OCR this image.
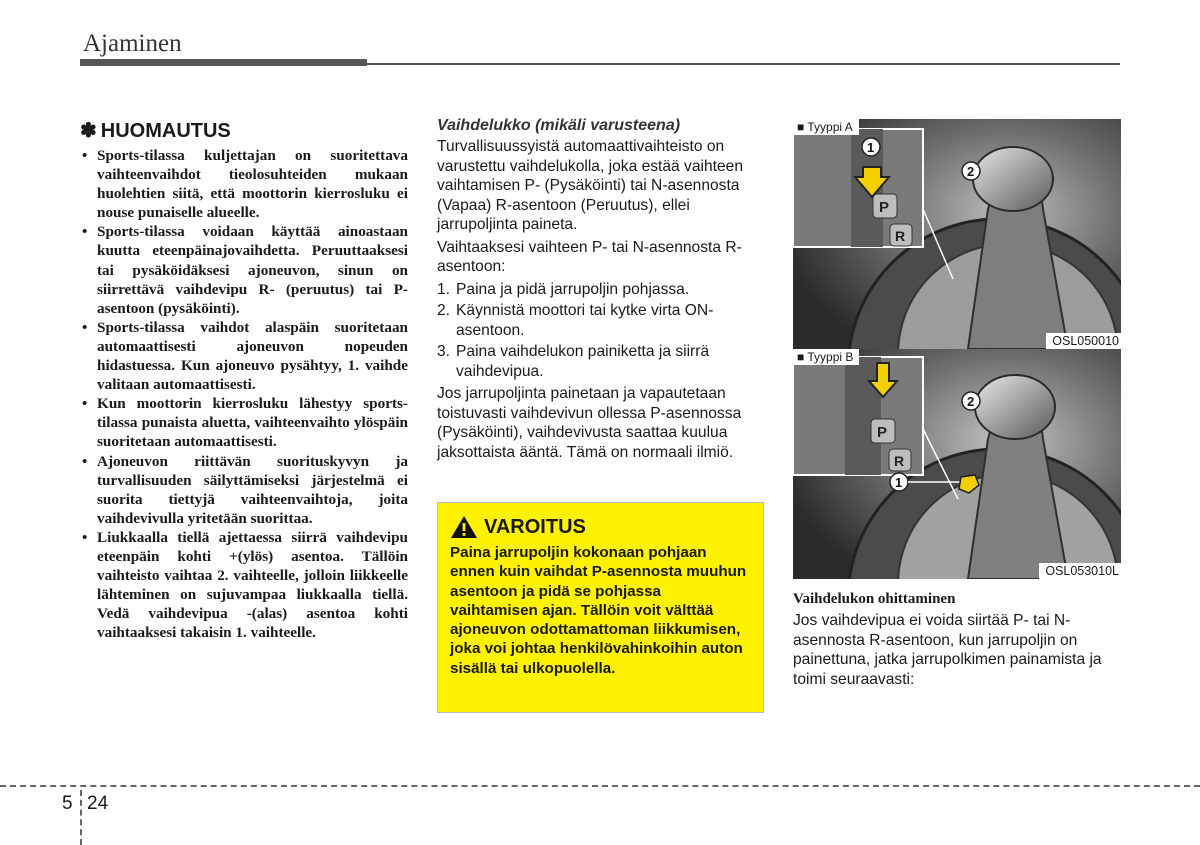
Ajaminen
✽ HUOMAUTUS
• Sports-tilassa kuljettajan on suoritettava vaihteenvaihdot tieolosuhteiden mukaan huolehtien siitä, että moottorin kierrosluku ei nouse punaiselle alueelle.
• Sports-tilassa voidaan käyttää ainoastaan kuutta eteenpäinajovaihdetta. Peruuttaaksesi tai pysäköidäksesi ajoneuvon, sinun on siirrettävä vaihdevipu R- (peruutus) tai P-asentoon (pysäköinti).
• Sports-tilassa vaihdot alaspäin suoritetaan automaattisesti ajoneuvon nopeuden hidastuessa. Kun ajoneuvo pysähtyy, 1. vaihde valitaan automaattisesti.
• Kun moottorin kierrosluku lähestyy sports-tilassa punaista aluetta, vaihteenvaihto ylöspäin suoritetaan automaattisesti.
• Ajoneuvon riittävän suorituskyvyn ja turvallisuuden säilyttämiseksi järjestelmä ei suorita tiettyjä vaihteenvaihtoja, joita vaihdevivulla yritetään suorittaa.
• Liukkaalla tiellä ajettaessa siirrä vaihdevipu eteenpäin kohti +(ylös) asentoa. Tällöin vaihteisto vaihtaa 2. vaihteelle, jolloin liikkeelle lähteminen on sujuvampaa liukkaalla tiellä. Vedä vaihdevipua -(alas) asentoa kohti vaihtaaksesi takaisin 1. vaihteelle.
Vaihdelukko (mikäli varusteena)

Turvallisuussyistä automaattivaihteisto on varustettu vaihdelukolla, joka estää vaihteen vaihtamisen P- (Pysäköinti) tai N-asennosta (Vapaa) R-asentoon (Peruutus), ellei jarrupoljinta paineta.

Vaihtaaksesi vaihteen P- tai N-asennosta R-asentoon:

1. Paina ja pidä jarrupoljin pohjassa.
2. Käynnistä moottori tai kytke virta ON-asentoon.
3. Paina vaihdelukon painiketta ja siirrä vaihdevipua.

Jos jarrupoljinta painetaan ja vapautetaan toistuvasti vaihdevivun ollessa P-asennossa (Pysäköinti), vaihdevivusta saattaa kuulua jaksottaista ääntä. Tämä on normaali ilmiö.

VAROITUS
Paina jarrupoljin kokonaan pohjaan ennen kuin vaihdat P-asennosta muuhun asentoon ja pidä se pohjassa vaihtamisen ajan. Tällöin voit välttää ajoneuvon odottamattoman liikkumisen, joka voi johtaa henkilövahinkoihin auton sisällä tai ulkopuolella.
P
R
1
2
■ Tyyppi A
OSL050010
P
R
2
1
■ Tyyppi B
OSL053010L
Vaihdelukon ohittaminen

Jos vaihdevipua ei voida siirtää P- tai N-asennosta R-asentoon, kun jarrupoljin on painettuna, jatka jarrupolkimen painamista ja toimi seuraavasti:

5 24
